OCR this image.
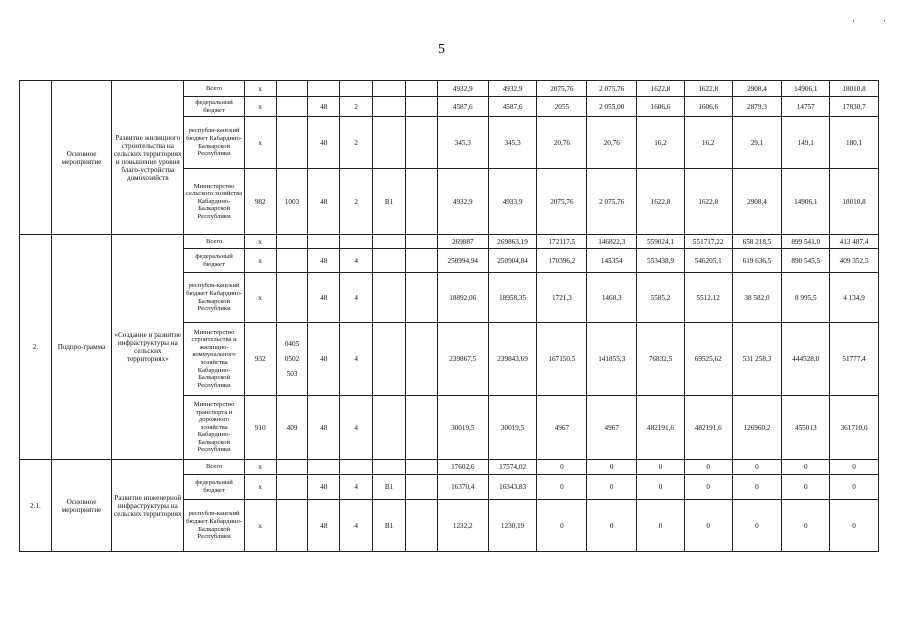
5
··
	Основное мероприятие	Развитие жилищного строительства на сельских территориях и повышение уровня благо-устройства домохозяйств	Всего	x						4932,9	4932,9	2075,76	2 075,76	1622,8	1622,8	2908,4	14906,1	18010,8
			федеральный бюджет	x		48	2			4587,6	4587,6	2055	2 055,00	1606,6	1606,6	2879,3	14757	17830,7
			республи-канский бюджет Кабардино-Балкарской Республики	x		48	2			345,3	345,3	20,76	20,76	16,2	16,2	29,1	149,1	180,1
			Министерство сельского хозяйства Кабардино-Балкарской Республики	982	1003	48	2	В1		4932,9	4933,9	2075,76	2 075,76	1622,8	1622,8	2908,4	14906,1	18010,8
2.	Подпро-грамма	«Создание и развитие инфраструктуры на сельских территориях»	Всего	x						269887	269863,19	172117,5	146822,3	559024,1	551717,22	658 218,5	899 541,0	413 487,4
			федеральный бюджет	x		48	4			250994,94	250904,84	170396,2	145354	553438,9	546205,1	619 636,5	890 545,5	409 352,5
			республи-канский бюджет Кабардино-Балкарской Республики	x		48	4			18892,06	18958,35	1721,3	1468,3	5585,2	5512,12	38 582,0	8 995,5	4 134,9
			Министерство строительства и жилищно-коммунального хозяйства Кабардино-Балкарской Республики	932	0405
0502
503	48	4			239867,5	239843,69	167150,5	141855,3	76832,5	69525,62	531 258,3	444528,0	51777,4
			Министерство транспорта и дорожного хозяйства Кабардино-Балкарской Республики	910	409	48	4			30019,5	30019,5	4967	4967	482191,6	482191,6	126960,2	455013	361710,0
2.1.	Основное мероприятие	Развитие инженерной инфраструктуры на сельских территориях	Всего	x						17602,6	17574,02	0	0	0	0	0	0	0
			федеральный бюджет	x		48	4	В1		16370,4	16343,83	0	0	0	0	0	0	0
			республи-канский бюджет Кабардино-Балкарской Республики	x		48	4	В1		1232,2	1230,19	0	0	0	0	0	0	0
